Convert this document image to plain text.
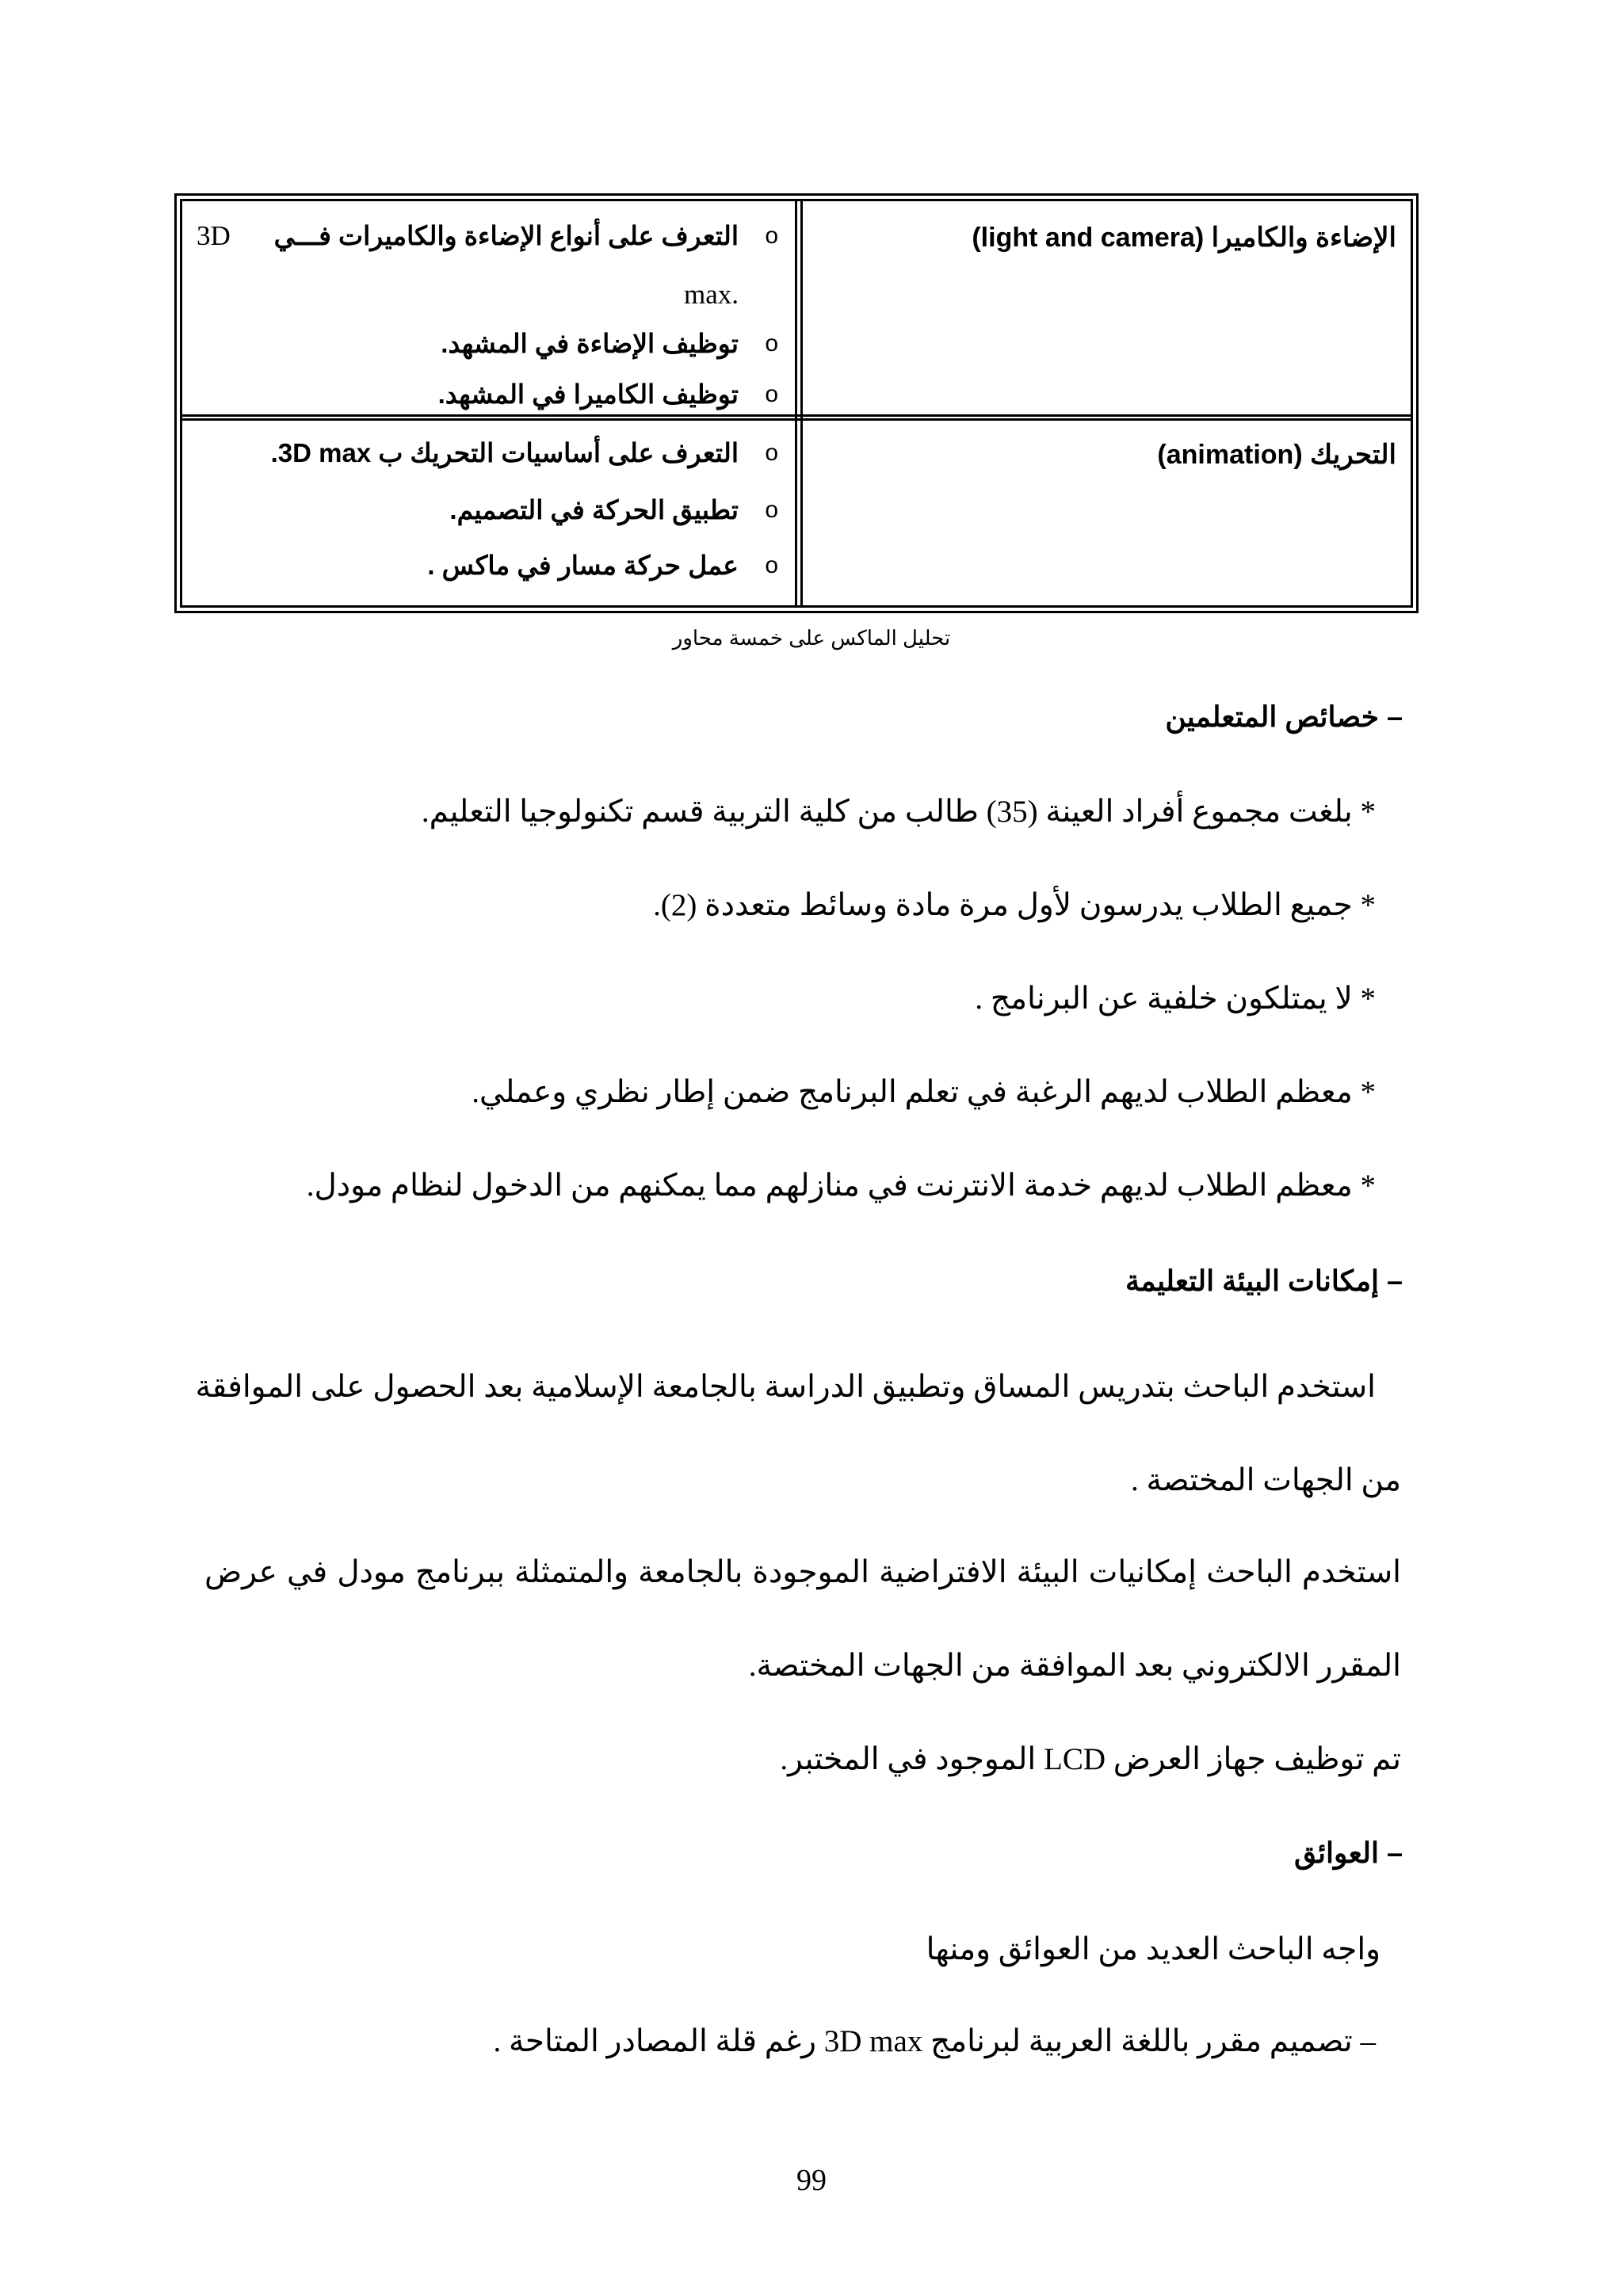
الإضاءة والكاميرا (light and camera)
o
التعرف على أنواع الإضاءة والكاميرات فـــي
3D
.max
o
توظيف الإضاءة في المشهد.
o
توظيف الكاميرا في المشهد.
التحريك (animation)
o
التعرف على أساسيات التحريك ب 3D max.
o
تطبيق الحركة في التصميم.
o
عمل حركة مسار في ماكس .
تحليل الماكس على خمسة محاور
– خصائص المتعلمين
* بلغت مجموع أفراد العينة (35) طالب من كلية التربية قسم تكنولوجيا التعليم.
* جميع الطلاب يدرسون لأول مرة مادة وسائط متعددة (2).
* لا يمتلكون خلفية عن البرنامج .
* معظم الطلاب لديهم الرغبة في تعلم البرنامج ضمن إطار نظري وعملي.
* معظم الطلاب لديهم خدمة الانترنت في منازلهم مما يمكنهم من الدخول لنظام مودل.
– إمكانات البيئة التعليمة
استخدم الباحث بتدريس المساق وتطبيق الدراسة بالجامعة الإسلامية بعد الحصول على الموافقة
من الجهات المختصة .
استخدم الباحث إمكانيات البيئة الافتراضية الموجودة بالجامعة والمتمثلة ببرنامج مودل في عرض
المقرر الالكتروني بعد الموافقة من الجهات المختصة.
تم توظيف جهاز العرض LCD الموجود في المختبر.
– العوائق
واجه الباحث العديد من العوائق ومنها
– تصميم مقرر باللغة العربية لبرنامج 3D max رغم قلة المصادر المتاحة .
99
